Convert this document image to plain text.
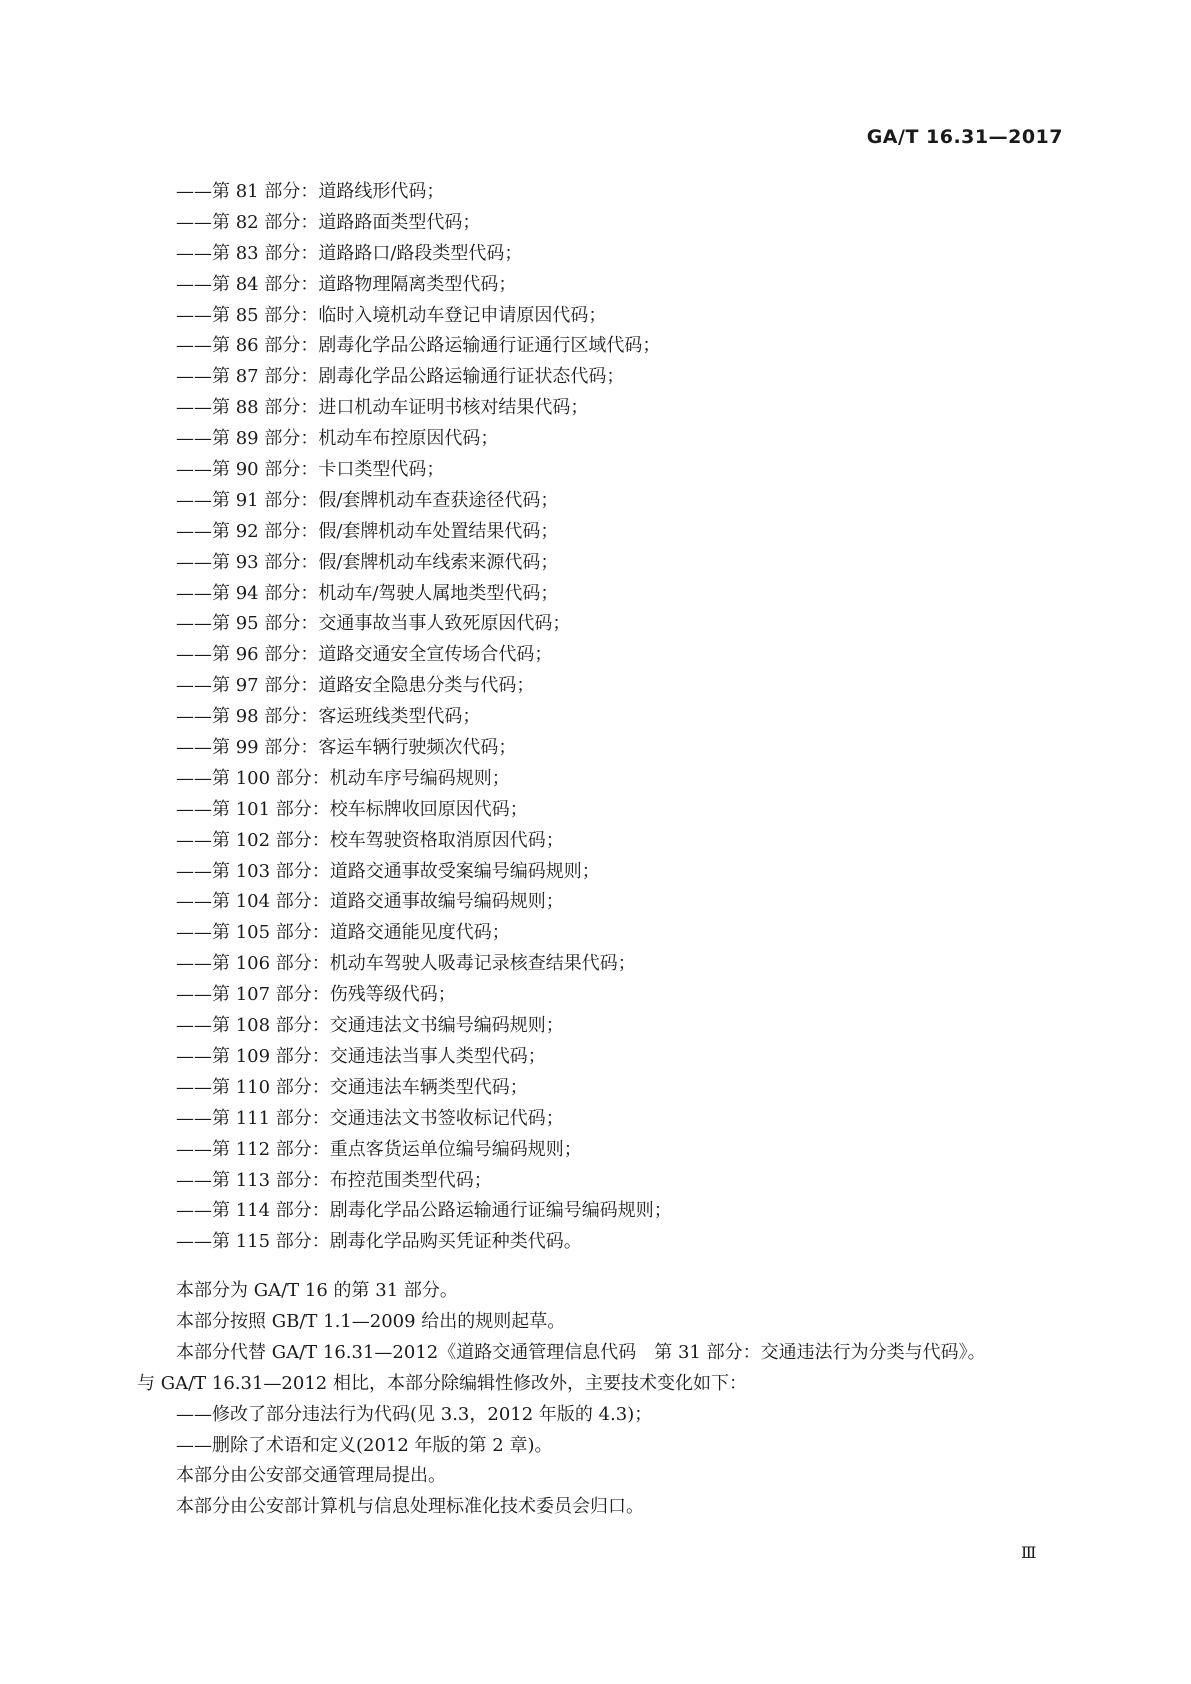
GA/T 16.31—2017
——第 81 部分：道路线形代码；
——第 82 部分：道路路面类型代码；
——第 83 部分：道路路口/路段类型代码；
——第 84 部分：道路物理隔离类型代码；
——第 85 部分：临时入境机动车登记申请原因代码；
——第 86 部分：剧毒化学品公路运输通行证通行区域代码；
——第 87 部分：剧毒化学品公路运输通行证状态代码；
——第 88 部分：进口机动车证明书核对结果代码；
——第 89 部分：机动车布控原因代码；
——第 90 部分：卡口类型代码；
——第 91 部分：假/套牌机动车查获途径代码；
——第 92 部分：假/套牌机动车处置结果代码；
——第 93 部分：假/套牌机动车线索来源代码；
——第 94 部分：机动车/驾驶人属地类型代码；
——第 95 部分：交通事故当事人致死原因代码；
——第 96 部分：道路交通安全宣传场合代码；
——第 97 部分：道路安全隐患分类与代码；
——第 98 部分：客运班线类型代码；
——第 99 部分：客运车辆行驶频次代码；
——第 100 部分：机动车序号编码规则；
——第 101 部分：校车标牌收回原因代码；
——第 102 部分：校车驾驶资格取消原因代码；
——第 103 部分：道路交通事故受案编号编码规则；
——第 104 部分：道路交通事故编号编码规则；
——第 105 部分：道路交通能见度代码；
——第 106 部分：机动车驾驶人吸毒记录核查结果代码；
——第 107 部分：伤残等级代码；
——第 108 部分：交通违法文书编号编码规则；
——第 109 部分：交通违法当事人类型代码；
——第 110 部分：交通违法车辆类型代码；
——第 111 部分：交通违法文书签收标记代码；
——第 112 部分：重点客货运单位编号编码规则；
——第 113 部分：布控范围类型代码；
——第 114 部分：剧毒化学品公路运输通行证编号编码规则；
——第 115 部分：剧毒化学品购买凭证种类代码。
本部分为 GA/T 16 的第 31 部分。
本部分按照 GB/T 1.1—2009 给出的规则起草。
本部分代替 GA/T 16.31—2012《道路交通管理信息代码　第 31 部分：交通违法行为分类与代码》。
与 GA/T 16.31—2012 相比，本部分除编辑性修改外，主要技术变化如下：
——修改了部分违法行为代码(见 3.3，2012 年版的 4.3)；
——删除了术语和定义(2012 年版的第 2 章)。
本部分由公安部交通管理局提出。
本部分由公安部计算机与信息处理标准化技术委员会归口。
Ⅲ
